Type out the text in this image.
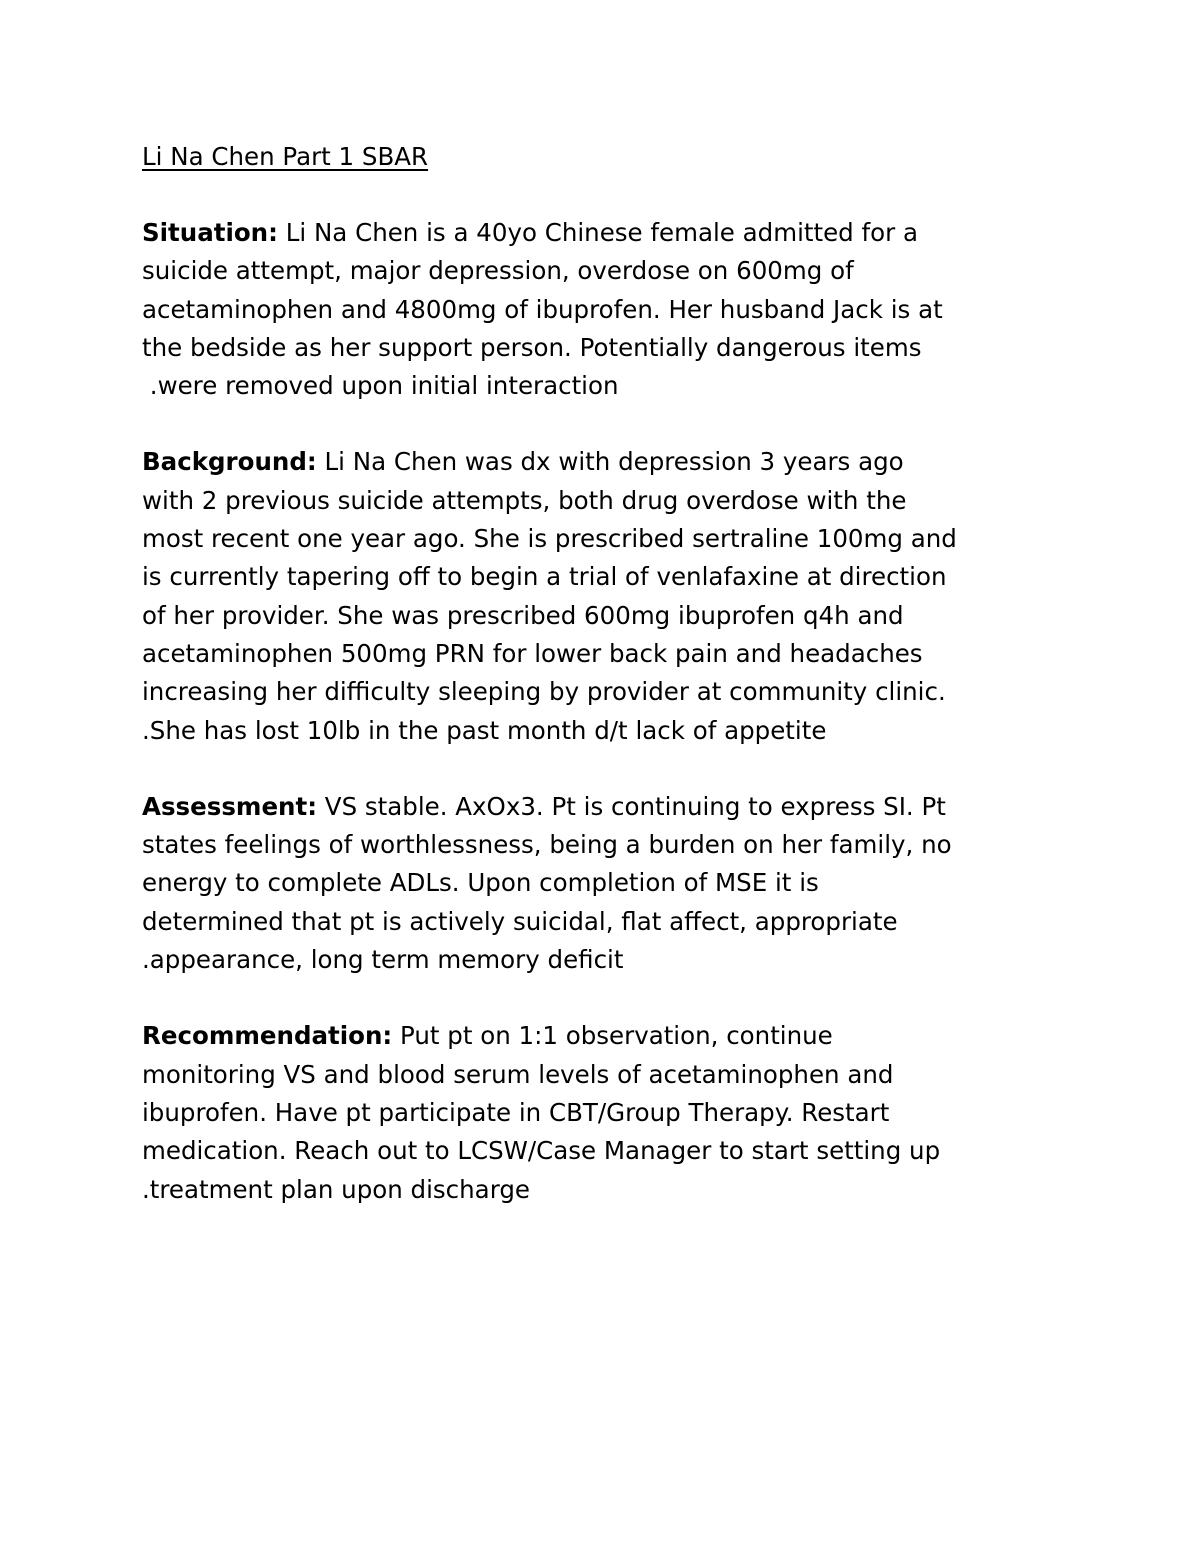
Li Na Chen Part 1 SBAR
Situation: Li Na Chen is a 40yo Chinese female admitted for a
suicide attempt, major depression, overdose on 600mg of
acetaminophen and 4800mg of ibuprofen. Her husband Jack is at
the bedside as her support person. Potentially dangerous items
.were removed upon initial interaction
Background: Li Na Chen was dx with depression 3 years ago
with 2 previous suicide attempts, both drug overdose with the
most recent one year ago. She is prescribed sertraline 100mg and
is currently tapering off to begin a trial of venlafaxine at direction
of her provider. She was prescribed 600mg ibuprofen q4h and
acetaminophen 500mg PRN for lower back pain and headaches
increasing her difficulty sleeping by provider at community clinic.
.She has lost 10lb in the past month d/t lack of appetite
Assessment: VS stable. AxOx3. Pt is continuing to express SI. Pt
states feelings of worthlessness, being a burden on her family, no
energy to complete ADLs. Upon completion of MSE it is
determined that pt is actively suicidal, flat affect, appropriate
.appearance, long term memory deficit
Recommendation: Put pt on 1:1 observation, continue
monitoring VS and blood serum levels of acetaminophen and
ibuprofen. Have pt participate in CBT/Group Therapy. Restart
medication. Reach out to LCSW/Case Manager to start setting up
.treatment plan upon discharge
